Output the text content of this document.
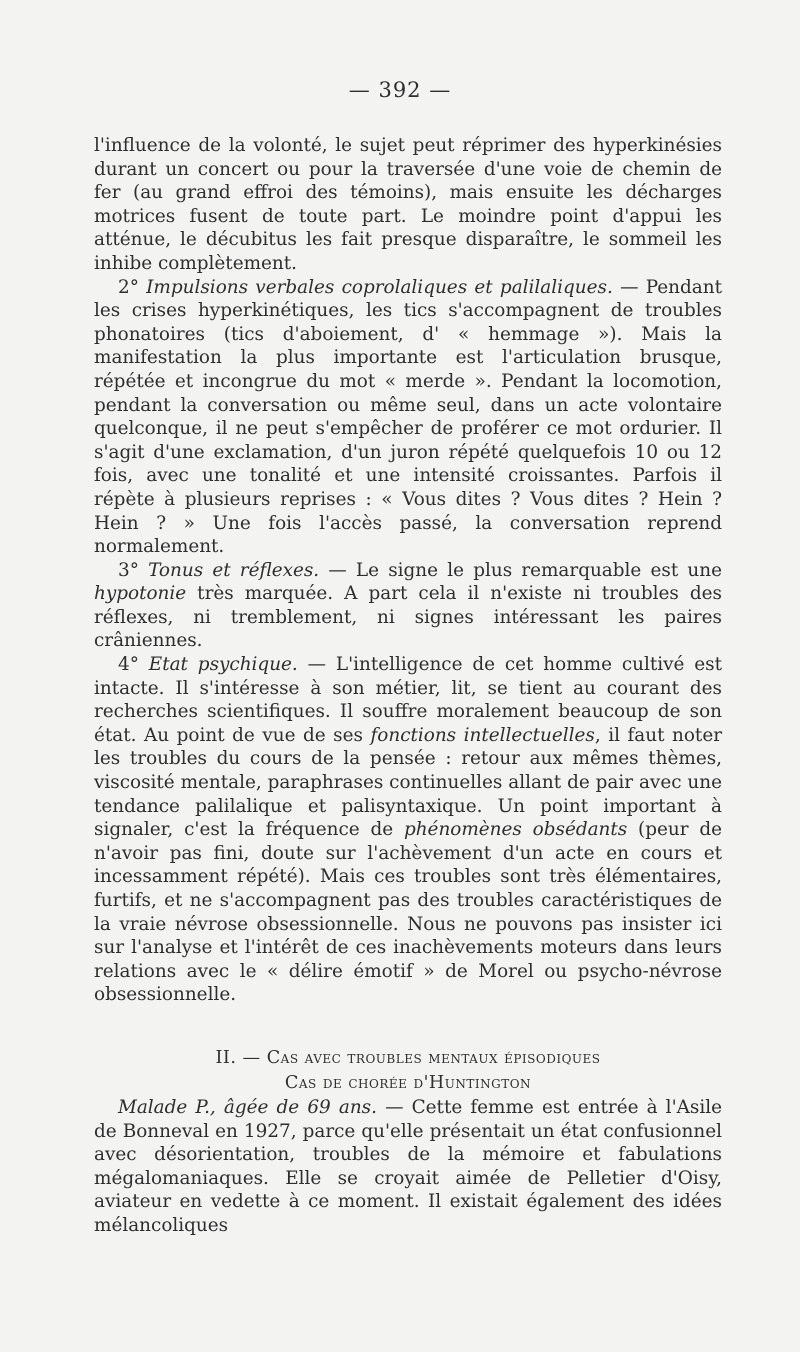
— 392 —

l'influence de la volonté, le sujet peut réprimer des hyperkinésies durant un concert ou pour la traversée d'une voie de chemin de fer (au grand effroi des témoins), mais ensuite les décharges motrices fusent de toute part. Le moindre point d'appui les atténue, le décubitus les fait presque disparaître, le sommeil les inhibe complètement.

2° Impulsions verbales coprolaliques et palilaliques. — Pendant les crises hyperkinétiques, les tics s'accompagnent de troubles phonatoires (tics d'aboiement, d' « hemmage »). Mais la manifestation la plus importante est l'articulation brusque, répétée et incongrue du mot « merde ». Pendant la locomotion, pendant la conversation ou même seul, dans un acte volontaire quelconque, il ne peut s'empêcher de proférer ce mot ordurier. Il s'agit d'une exclamation, d'un juron répété quelquefois 10 ou 12 fois, avec une tonalité et une intensité croissantes. Parfois il répète à plusieurs reprises : « Vous dites ? Vous dites ? Hein ? Hein ? » Une fois l'accès passé, la conversation reprend normalement.

3° Tonus et réflexes. — Le signe le plus remarquable est une hypotonie très marquée. A part cela il n'existe ni troubles des réflexes, ni tremblement, ni signes intéressant les paires crâniennes.

4° Etat psychique. — L'intelligence de cet homme cultivé est intacte. Il s'intéresse à son métier, lit, se tient au courant des recherches scientifiques. Il souffre moralement beaucoup de son état. Au point de vue de ses fonctions intellectuelles, il faut noter les troubles du cours de la pensée : retour aux mêmes thèmes, viscosité mentale, paraphrases continuelles allant de pair avec une tendance palilalique et palisyntaxique. Un point important à signaler, c'est la fréquence de phénomènes obsédants (peur de n'avoir pas fini, doute sur l'achèvement d'un acte en cours et incessamment répété). Mais ces troubles sont très élémentaires, furtifs, et ne s'accompagnent pas des troubles caractéristiques de la vraie névrose obsessionnelle. Nous ne pouvons pas insister ici sur l'analyse et l'intérêt de ces inachèvements moteurs dans leurs relations avec le « délire émotif » de Morel ou psycho-névrose obsessionnelle.

II. — Cas avec troubles mentaux épisodiques
Cas de chorée d'Huntington

Malade P., âgée de 69 ans. — Cette femme est entrée à l'Asile de Bonneval en 1927, parce qu'elle présentait un état confusionnel avec désorientation, troubles de la mémoire et fabulations mégalomaniaques. Elle se croyait aimée de Pelletier d'Oisy, aviateur en vedette à ce moment. Il existait également des idées mélancoliques
